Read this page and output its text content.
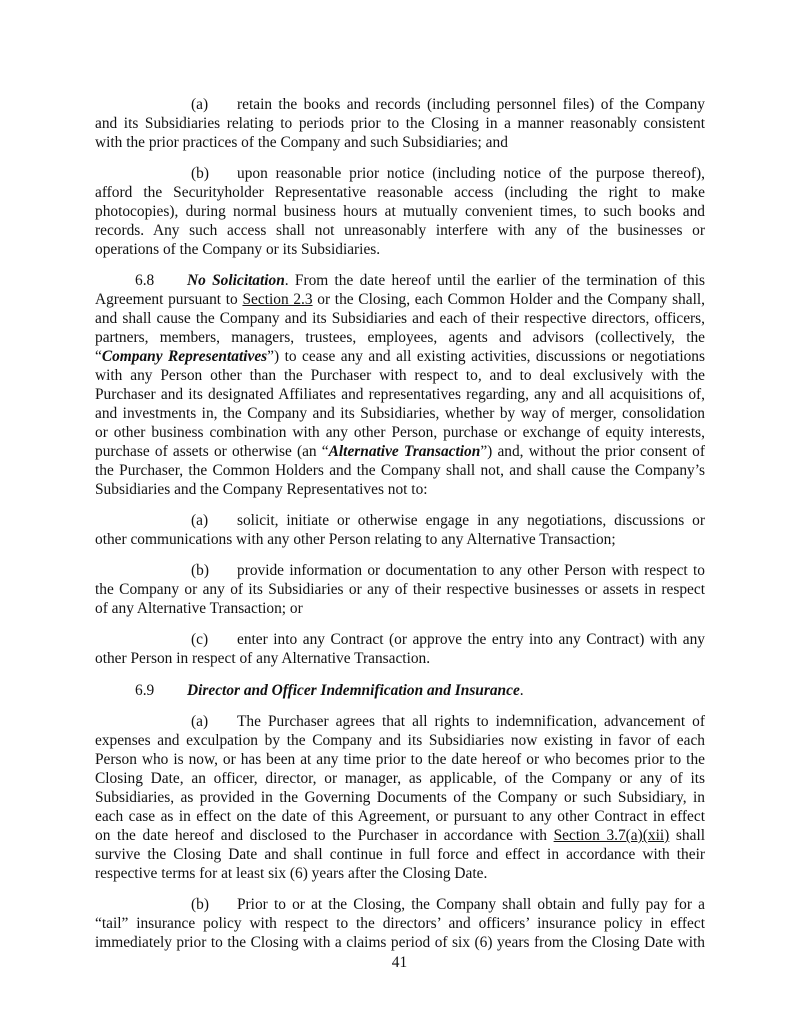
(a) retain the books and records (including personnel files) of the Company

and its Subsidiaries relating to periods prior to the Closing in a manner reasonably consistent

with the prior practices of the Company and such Subsidiaries; and

(b) upon reasonable prior notice (including notice of the purpose thereof),

afford the Securityholder Representative reasonable access (including the right to make

photocopies), during normal business hours at mutually convenient times, to such books and

records. Any such access shall not unreasonably interfere with any of the businesses or

operations of the Company or its Subsidiaries.

6.8 No Solicitation. From the date hereof until the earlier of the termination of this

Agreement pursuant to Section 2.3 or the Closing, each Common Holder and the Company shall,

and shall cause the Company and its Subsidiaries and each of their respective directors, officers,

partners, members, managers, trustees, employees, agents and advisors (collectively, the

“Company Representatives”) to cease any and all existing activities, discussions or negotiations

with any Person other than the Purchaser with respect to, and to deal exclusively with the

Purchaser and its designated Affiliates and representatives regarding, any and all acquisitions of,

and investments in, the Company and its Subsidiaries, whether by way of merger, consolidation

or other business combination with any other Person, purchase or exchange of equity interests,

purchase of assets or otherwise (an “Alternative Transaction”) and, without the prior consent of

the Purchaser, the Common Holders and the Company shall not, and shall cause the Company’s

Subsidiaries and the Company Representatives not to:

(a) solicit, initiate or otherwise engage in any negotiations, discussions or

other communications with any other Person relating to any Alternative Transaction;

(b) provide information or documentation to any other Person with respect to

the Company or any of its Subsidiaries or any of their respective businesses or assets in respect

of any Alternative Transaction; or

(c) enter into any Contract (or approve the entry into any Contract) with any

other Person in respect of any Alternative Transaction.

6.9 Director and Officer Indemnification and Insurance.

(a) The Purchaser agrees that all rights to indemnification, advancement of

expenses and exculpation by the Company and its Subsidiaries now existing in favor of each

Person who is now, or has been at any time prior to the date hereof or who becomes prior to the

Closing Date, an officer, director, or manager, as applicable, of the Company or any of its

Subsidiaries, as provided in the Governing Documents of the Company or such Subsidiary, in

each case as in effect on the date of this Agreement, or pursuant to any other Contract in effect

on the date hereof and disclosed to the Purchaser in accordance with Section 3.7(a)(xii) shall

survive the Closing Date and shall continue in full force and effect in accordance with their

respective terms for at least six (6) years after the Closing Date.

(b) Prior to or at the Closing, the Company shall obtain and fully pay for a

“tail” insurance policy with respect to the directors’ and officers’ insurance policy in effect

immediately prior to the Closing with a claims period of six (6) years from the Closing Date with

41
